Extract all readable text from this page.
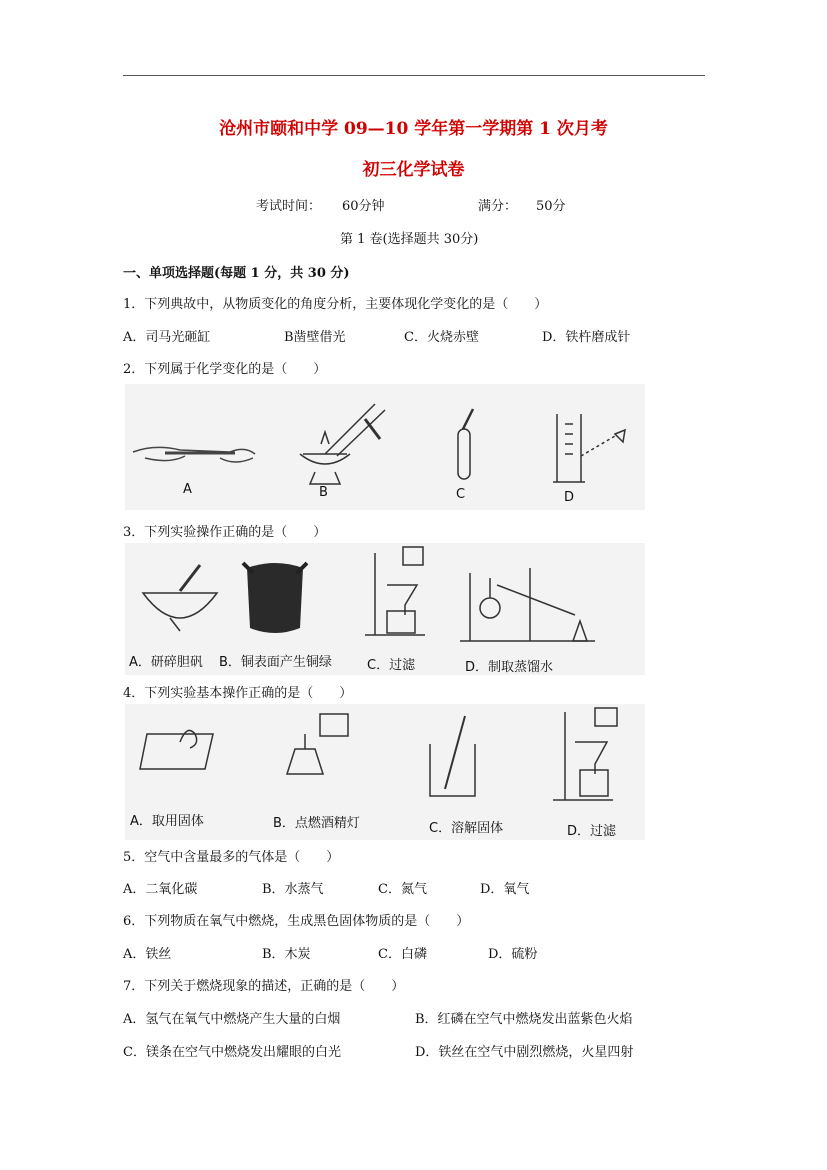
沧州市颐和中学 09—10 学年第一学期第 1 次月考
初三化学试卷
考试时间： 60分钟	满分： 50分
第 1 卷(选择题共 30分)
一、单项选择题(每题 1 分，共 30 分)
1．下列典故中，从物质变化的角度分析，主要体现化学变化的是（　　）
A．司马光砸缸	B凿壁借光	C．火烧赤壁	D．铁杵磨成针
2．下列属于化学变化的是（　　）
A	B	C	D
3．下列实验操作正确的是（　　）
A．研碎胆矾 B．铜表面产生铜绿	C．过滤	D．制取蒸馏水
4．下列实验基本操作正确的是（　　）
A．取用固体	B．点燃酒精灯	C．溶解固体	D．过滤
5．空气中含量最多的气体是（　　）
A．二氧化碳	B．水蒸气	C．氮气	D．氧气
6．下列物质在氧气中燃烧，生成黑色固体物质的是（　　）
A．铁丝	B．木炭	C．白磷	D．硫粉
7．下列关于燃烧现象的描述，正确的是（　　）
A．氢气在氧气中燃烧产生大量的白烟	B．红磷在空气中燃烧发出蓝紫色火焰
C．镁条在空气中燃烧发出耀眼的白光	D．铁丝在空气中剧烈燃烧，火星四射
